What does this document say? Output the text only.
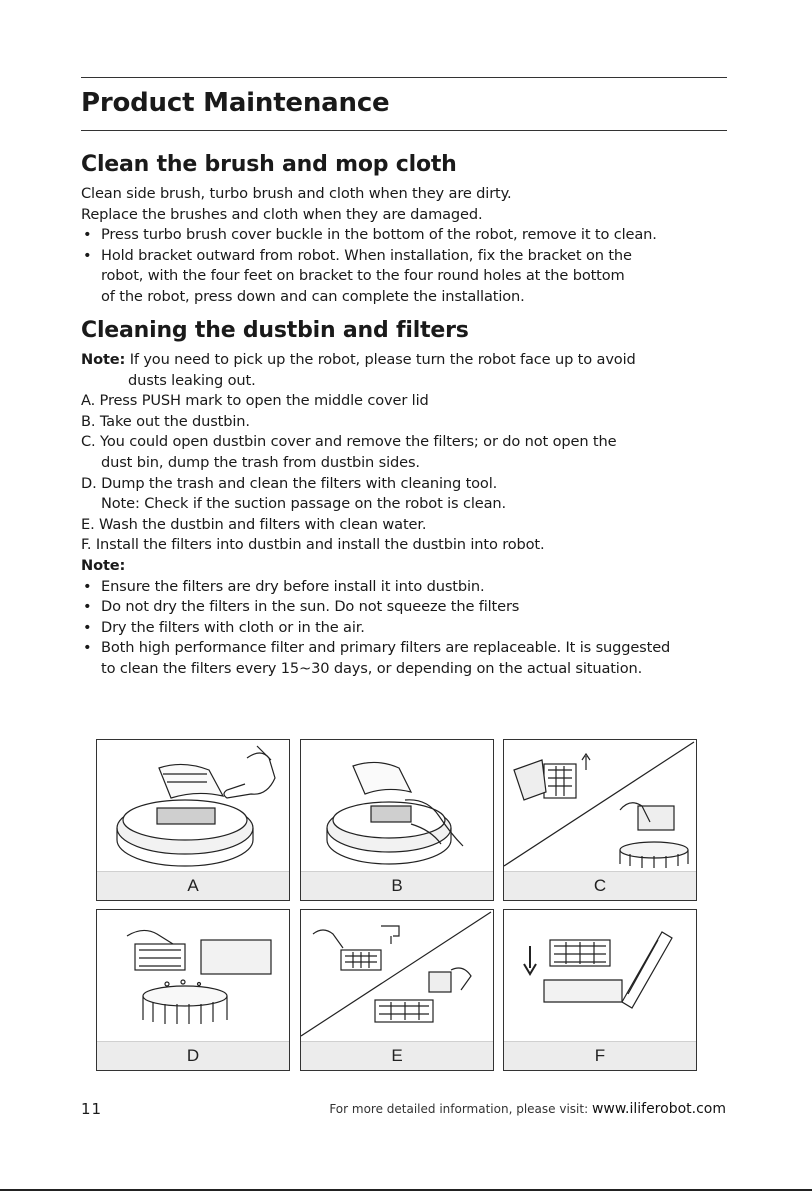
Product Maintenance
Clean the brush and mop cloth
Clean side brush, turbo brush and cloth when they are dirty.
Replace the brushes and cloth when they are damaged.
• Press turbo brush cover buckle in the bottom of the robot, remove it to clean.
• Hold bracket outward from robot. When installation, fix the bracket on the
robot, with the four feet on bracket to the four round holes at the bottom
of the robot, press down and can complete the installation.
Cleaning the dustbin and filters
Note: If you need to pick up the robot, please turn the robot face up to avoid
dusts leaking out.
A. Press PUSH mark to open the middle cover lid
B. Take out the dustbin.
C. You could open dustbin cover and remove the filters; or do not open the
dust bin, dump the trash from dustbin sides.
D. Dump the trash and clean the filters with cleaning tool.
Note: Check if the suction passage on the robot is clean.
E. Wash the dustbin and filters with clean water.
F. Install the filters into dustbin and install the dustbin into robot.
Note:
• Ensure the filters are dry before install it into dustbin.
• Do not dry the filters in the sun. Do not squeeze the filters
• Dry the filters with cloth or in the air.
• Both high performance filter and primary filters are replaceable. It is suggested
to clean the filters every 15~30 days, or depending on the actual situation.
A	B	C
D	E	F
11	For more detailed information, please visit: www.iliferobot.com
